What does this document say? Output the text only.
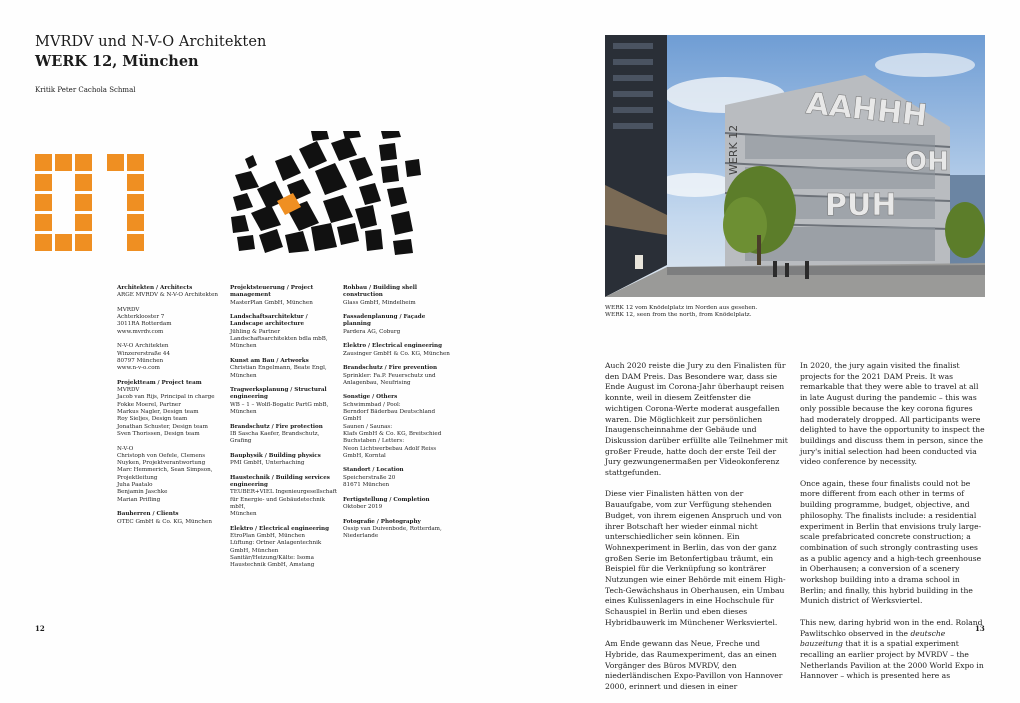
MVRDV und N-V-O Architekten
WERK 12, München
Kritik Peter Cachola Schmal
Architekten / Architects
ARGE MVRDV & N-V-O Architekten
MVRDV
Achterklooster 7
3011RA Rotterdam
www.mvrdv.com
N-V-O Architekten
Winzererstraße 44
80797 München
www.n-v-o.com
Projektteam / Project team
MVRDV
Jacob van Rijs, Principal in charge
Fokke Moerel, Partner
Markus Nagler, Design team
Roy Sieljes, Design team
Jonathan Schuster, Design team
Sven Thorissen, Design team
N-V-O
Christoph von Oefele, Clemens
Nuyken, Projektverantwortung
Marc Hemmerich, Sean Simpson,
Projektleitung
Juha Paatalo
Benjamin Jaschke
Marian Prifling
Bauherren / Clients
OTEC GmbH & Co. KG, München
Projektsteuerung / Project management
MasterPlan GmbH, München
Landschaftsarchitektur / Landscape architecture
Jühling & Partner
Landschaftsarchitekten bdla mbB,
München
Kunst am Bau / Artworks
Christian Engelmann, Beate Engl,
München
Tragwerksplanung / Structural engineering
WB – 1 – Wolfl-Bogatic PartG mbB,
München
Brandschutz / Fire protection
IB Sascha Kaefer, Brandschutz, Grafing
Bauphysik / Building physics
PMI GmbH, Unterhaching
Haustechnik / Building services engineering
TEUBER+VIEL Ingenieurgesellschaft
für Energie- und Gebäudetechnik mbH,
München
Elektro / Electrical engineering
EtroPlan GmbH, München
Lüftung: Ortner Anlagentechnik
GmbH, München
Sanitär/Heizung/Kälte: Isoma
Haustechnik GmbH, Amstang
Rohbau / Building shell construction
Glass GmbH, Mindelheim
Fassadenplanung / Façade planning
Pardera AG, Coburg
Elektro / Electrical engineering
Zausinger GmbH & Co. KG, München
Brandschutz / Fire prevention
Sprinkler: Fa.P. Feuerschutz und
Anlagenbau, Neufrising
Sonstige / Others
Schwimmbad / Pool:
Berndorf Bäderbau Deutschland GmbH
Saunen / Saunas:
Klafs GmbH & Co. KG, Breitschied
Buchstaben / Letters:
Neon Lichtwerbebau Adolf Reiss
GmbH, Korntal
Standort / Location
Speicherstraße 20
81671 München
Fertigstellung / Completion
Oktober 2019
Fotografie / Photography
Ossip van Duivenbode, Rotterdam,
Niederlande
12
AAHHH
OH
PUH
WERK 12
WERK 12 vom Knödelplatz im Norden aus gesehen.
WERK 12, seen from the north, from Knödelplatz.

Auch 2020 reiste die Jury zu den Finalisten für den DAM Preis. Das Besondere war, dass sie Ende August im Corona-Jahr überhaupt reisen konnte, weil in diesem Zeitfenster die wichtigen Corona-Werte moderat ausgefallen waren. Die Möglichkeit zur persönlichen Inaugenscheinnahme der Gebäude und Diskussion darüber erfüllte alle Teilnehmer mit großer Freude, hatte doch der erste Teil der Jury gezwungenermaßen per Videokonferenz stattgefunden.

Diese vier Finalisten hätten von der Bauaufgabe, vom zur Verfügung stehenden Budget, von ihrem eigenen Anspruch und von ihrer Botschaft her wieder einmal nicht unterschiedlicher sein können. Ein Wohnexperiment in Berlin, das von der ganz großen Serie im Betonfertigbau träumt, ein Beispiel für die Verknüpfung so konträrer Nutzungen wie einer Behörde mit einem High-Tech-Gewächshaus in Oberhausen, ein Umbau eines Kulissenlagers in eine Hochschule für Schauspiel in Berlin und eben dieses Hybridbauwerk im Münchener Werksviertel.

Am Ende gewann das Neue, Freche und Hybride, das Raumexperiment, das an einen Vorgänger des Büros MVRDV, den niederländischen Expo-Pavillon von Hannover 2000, erinnert und diesen in einer

In 2020, the jury again visited the finalist projects for the 2021 DAM Preis. It was remarkable that they were able to travel at all in late August during the pandemic – this was only possible because the key corona figures had moderately dropped. All participants were delighted to have the opportunity to inspect the buildings and discuss them in person, since the jury's initial selection had been conducted via video conference by necessity.

Once again, these four finalists could not be more different from each other in terms of building programme, budget, objective, and philosophy. The finalists include: a residential experiment in Berlin that envisions truly large-scale prefabricated concrete construction; a combination of such strongly contrasting uses as a public agency and a high-tech greenhouse in Oberhausen; a conversion of a scenery workshop building into a drama school in Berlin; and finally, this hybrid building in the Munich district of Werksviertel.

This new, daring hybrid won in the end. Roland Pawlitschko observed in the deutsche bauzeitung that it is a spatial experiment recalling an earlier project by MVRDV – the Netherlands Pavilion at the 2000 World Expo in Hannover – which is presented here as

13
